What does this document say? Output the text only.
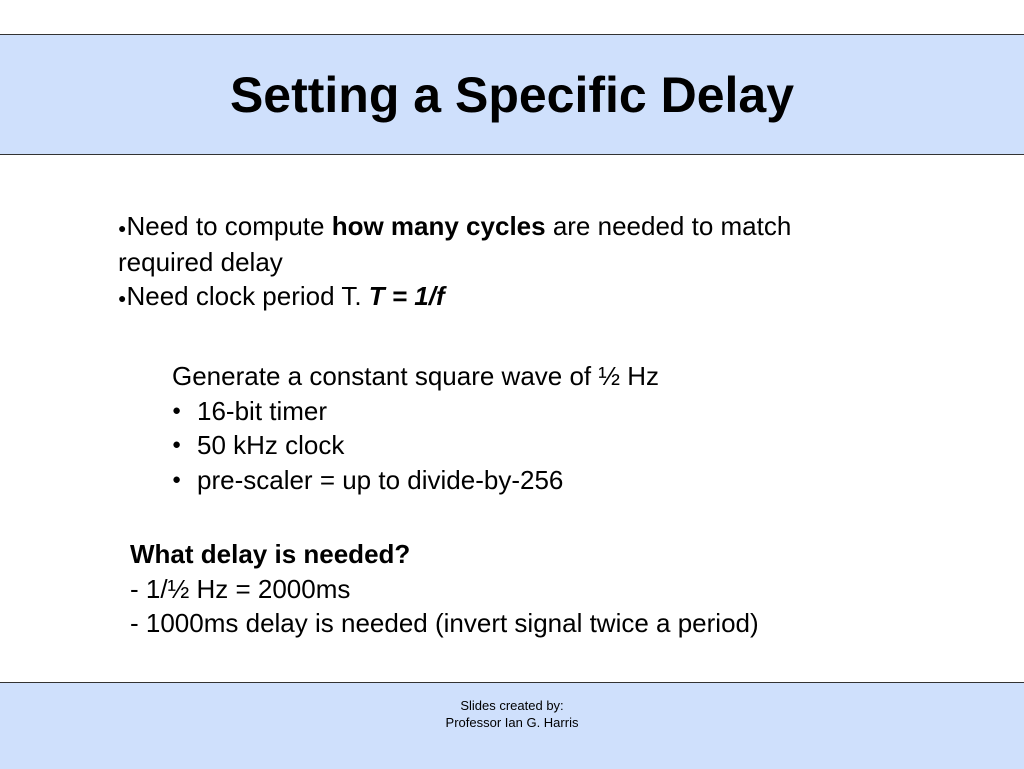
Setting a Specific Delay
●Need to compute how many cycles are needed to match required delay
●Need clock period T. T = 1/f
Generate a constant square wave of ½ Hz
● 16-bit timer
● 50 kHz clock
● pre-scaler = up to divide-by-256
What delay is needed?
- 1/½ Hz = 2000ms
- 1000ms delay is needed (invert signal twice a period)
Slides created by:
Professor Ian G. Harris
